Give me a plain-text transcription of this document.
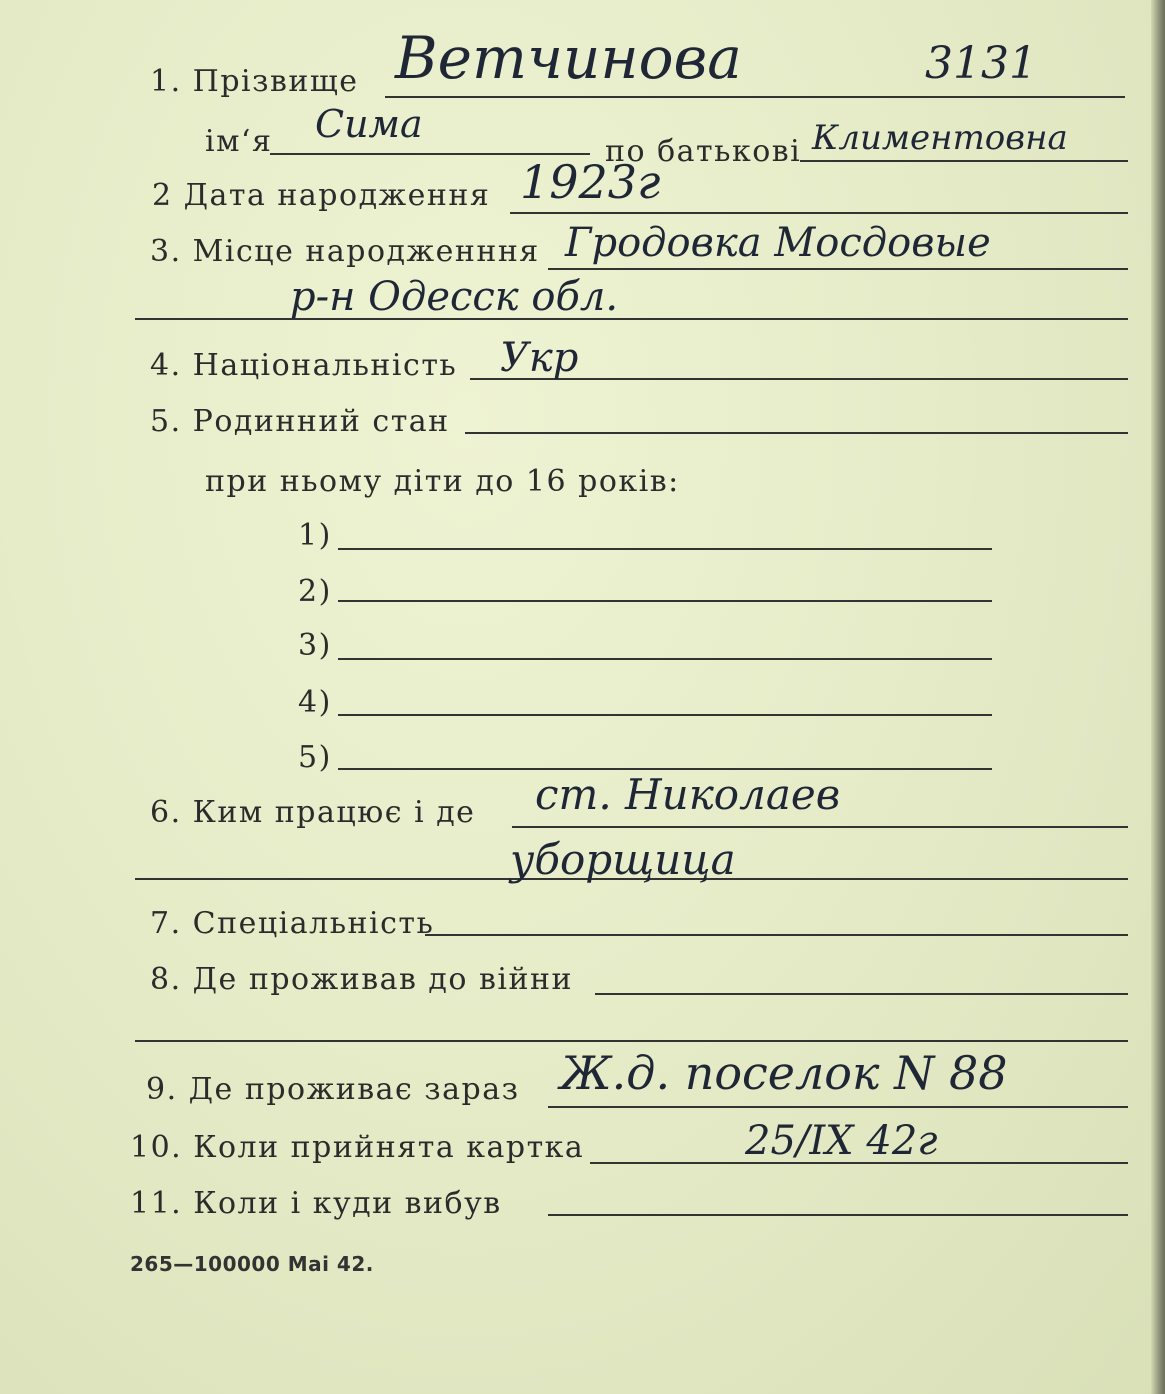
1. Прізвище Ветчинова	3131
ім‘я Сима
по батькові Климентовна
2 Дата народження 1923г
3. Місце народженння Гродовка Мосдовые
р-н Одесск обл.
4. Національність Укр
5. Родинний стан
при ньому діти до 16 років:
1)
2)
3)
4)
5)
6. Ким працює і де ст. Николаев
уборщица
7. Спеціальність
8. Де проживав до війни
9. Де проживає зараз Ж.д. поселок N 88
10. Коли прийнята картка	25/IX 42г
11. Коли і куди вибув
265—100000 Mai 42.
